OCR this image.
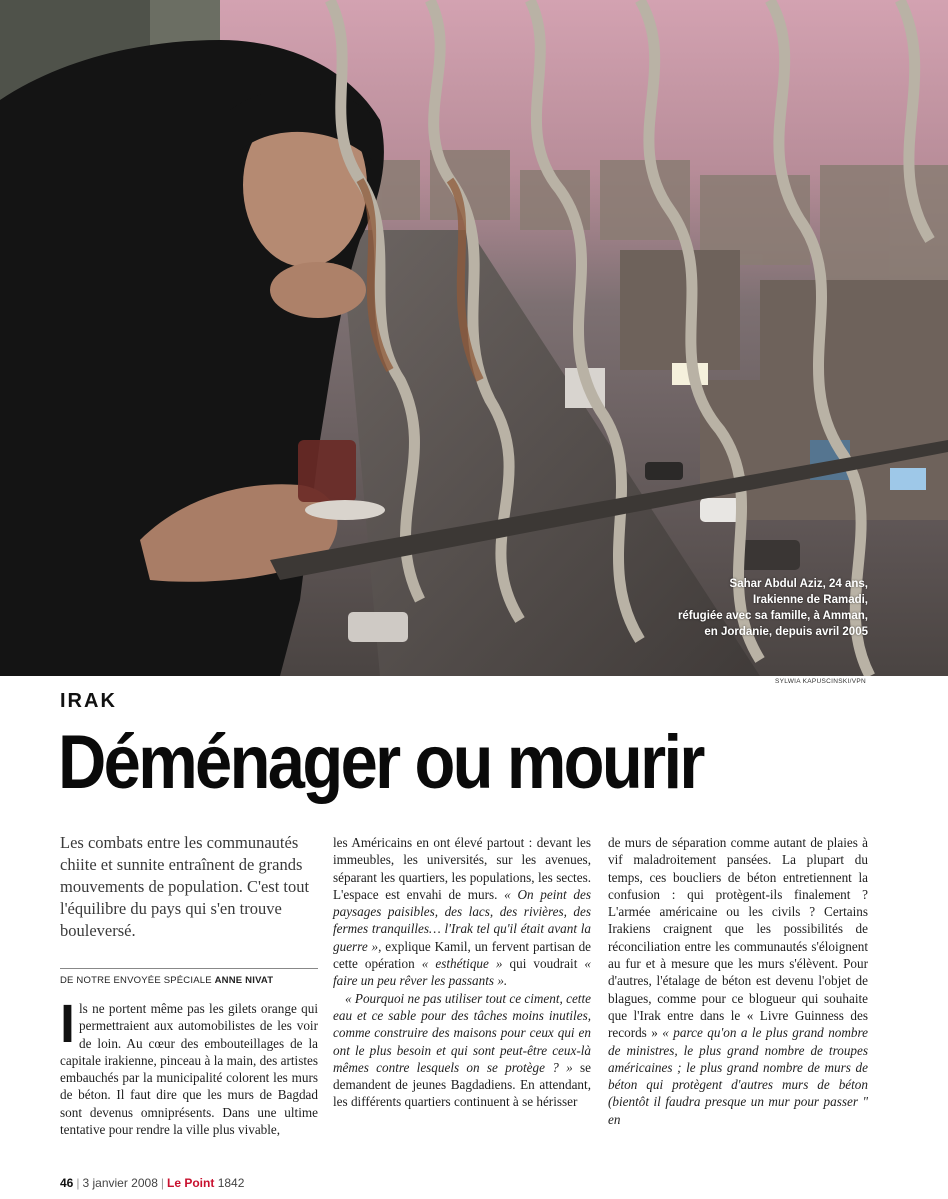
Sahar Abdul Aziz, 24 ans,
Irakienne de Ramadi,
réfugiée avec sa famille, à Amman,
en Jordanie, depuis avril 2005
SYLWIA KAPUSCINSKI/VPN
IRAK
Déménager ou mourir

Les combats entre les communautés chiite et sunnite entraînent de grands mouvements de population. C'est tout l'équilibre du pays qui s'en trouve bouleversé.

DE NOTRE ENVOYÉE SPÉCIALE ANNE NIVAT

Ils ne portent même pas les gilets orange qui permettraient aux automobilistes de les voir de loin. Au cœur des embouteillages de la capitale irakienne, pinceau à la main, des artistes embauchés par la municipalité colorent les murs de béton. Il faut dire que les murs de Bagdad sont devenus omniprésents. Dans une ultime tentative pour rendre la ville plus vivable,

les Américains en ont élevé partout : devant les immeubles, les universités, sur les avenues, séparant les quartiers, les populations, les sectes. L'espace est envahi de murs. « On peint des paysages paisibles, des lacs, des rivières, des fermes tranquilles… l'Irak tel qu'il était avant la guerre », explique Kamil, un fervent partisan de cette opération « esthétique » qui voudrait « faire un peu rêver les passants ».

« Pourquoi ne pas utiliser tout ce ciment, cette eau et ce sable pour des tâches moins inutiles, comme construire des maisons pour ceux qui en ont le plus besoin et qui sont peut-être ceux-là mêmes contre lesquels on se protège ? » se demandent de jeunes Bagdadiens. En attendant, les différents quartiers continuent à se hérisser

de murs de séparation comme autant de plaies à vif maladroitement pansées. La plupart du temps, ces boucliers de béton entretiennent la confusion : qui protègent-ils finalement ? L'armée américaine ou les civils ? Certains Irakiens craignent que les possibilités de réconciliation entre les communautés s'éloignent au fur et à mesure que les murs s'élèvent. Pour d'autres, l'étalage de béton est devenu l'objet de blagues, comme pour ce blogueur qui souhaite que l'Irak entre dans le « Livre Guinness des records » « parce qu'on a le plus grand nombre de ministres, le plus grand nombre de troupes américaines ; le plus grand nombre de murs de béton qui protègent d'autres murs de béton (bientôt il faudra presque un mur pour passer " en

46 | 3 janvier 2008 | Le Point 1842
